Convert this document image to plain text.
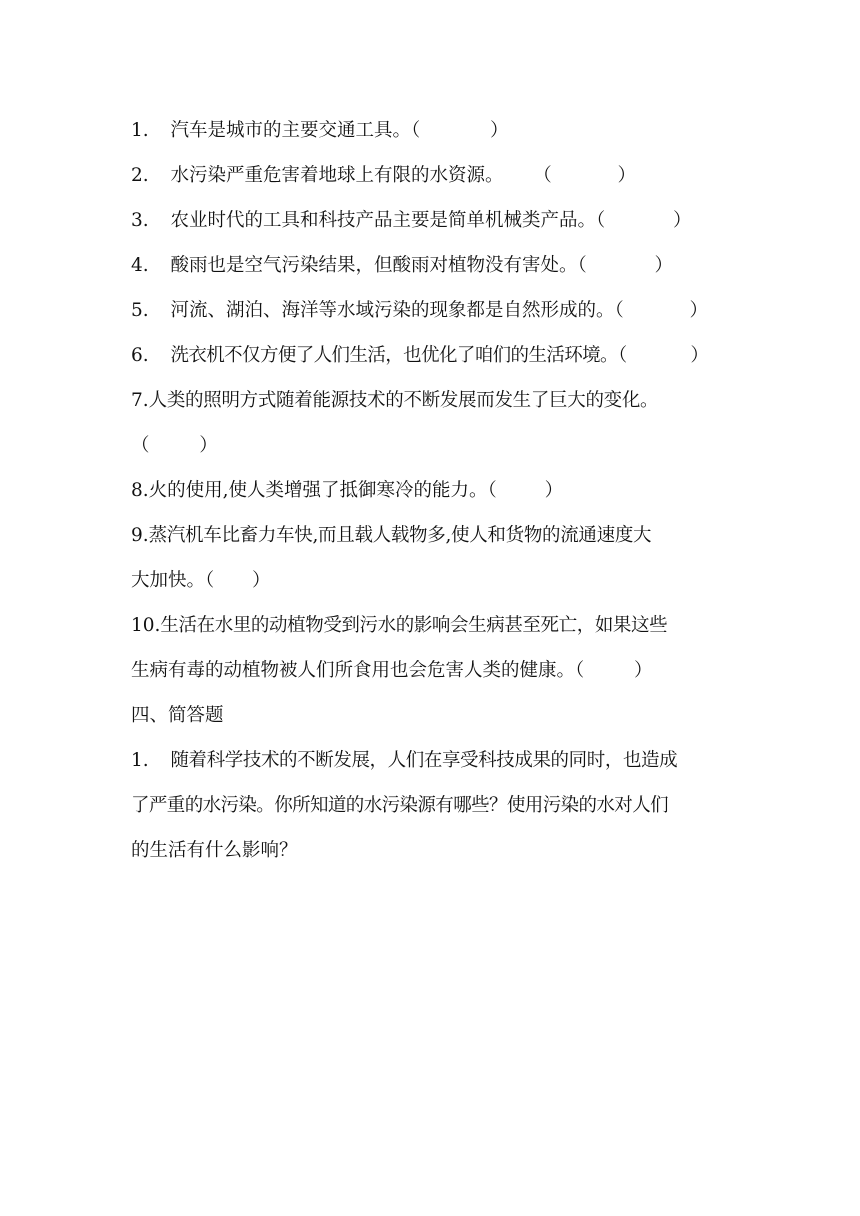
1. 汽车是城市的主要交通工具。（	）
2. 水污染严重危害着地球上有限的水资源。 （	）
3. 农业时代的工具和科技产品主要是简单机械类产品。（	）
4. 酸雨也是空气污染结果，但酸雨对植物没有害处。（	）
5. 河流、湖泊、海洋等水域污染的现象都是自然形成的。（	）
6. 洗衣机不仅方便了人们生活，也优化了咱们的生活环境。（	）
7.人类的照明方式随着能源技术的不断发展而发生了巨大的变化。
（	）
8.火的使用,使人类增强了抵御寒冷的能力。（	）
9.蒸汽机车比畜力车快,而且载人载物多,使人和货物的流通速度大
大加快。（ ）
10.生活在水里的动植物受到污水的影响会生病甚至死亡，如果这些
生病有毒的动植物被人们所食用也会危害人类的健康。（	）
四、简答题
1. 随着科学技术的不断发展，人们在享受科技成果的同时，也造成
了严重的水污染。你所知道的水污染源有哪些？使用污染的水对人们
的生活有什么影响？
